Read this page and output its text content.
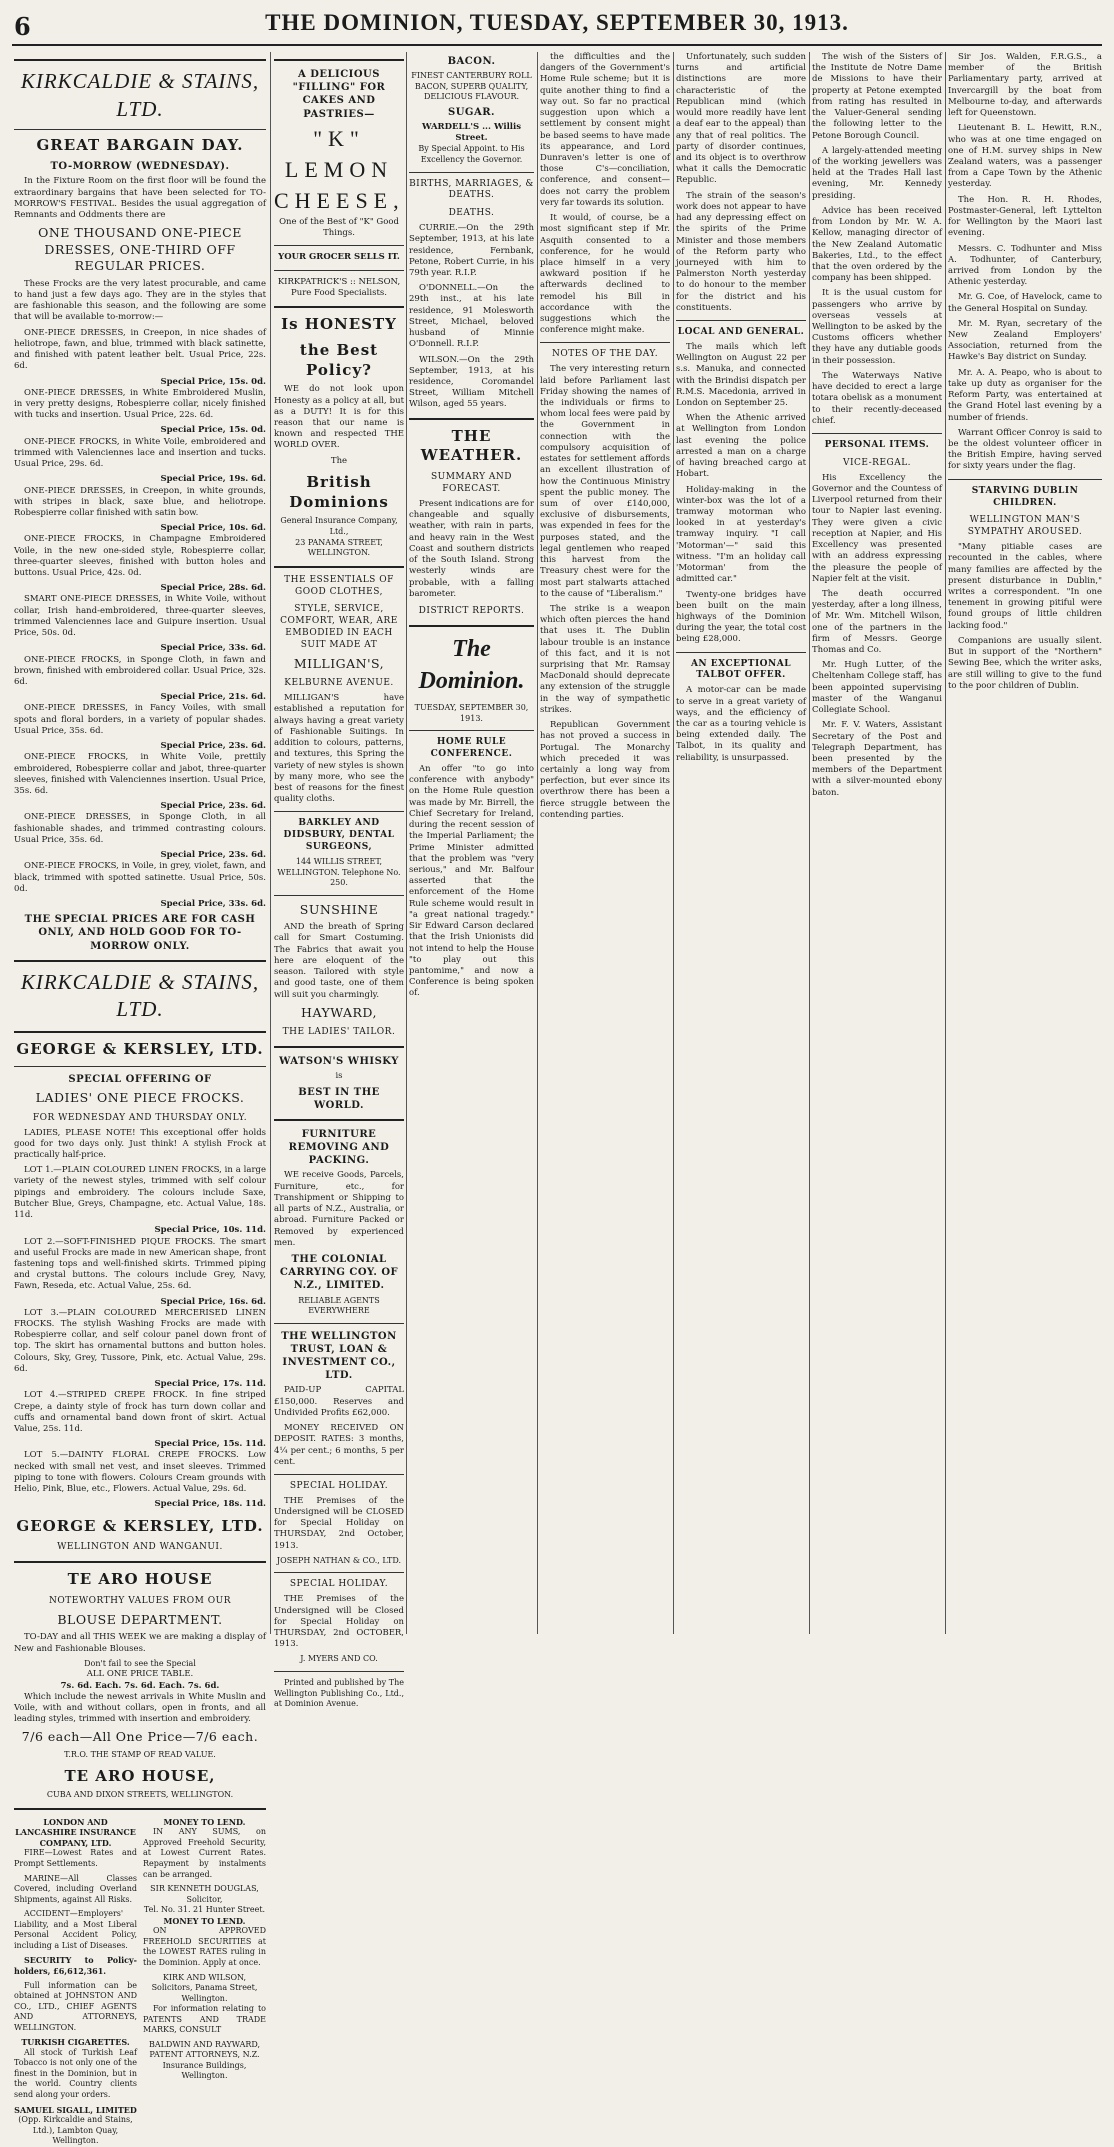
6	THE DOMINION, TUESDAY, SEPTEMBER 30, 1913.
KIRKCALDIE & STAINS, LTD.
GREAT BARGAIN DAY.
TO-MORROW (WEDNESDAY).

In the Fixture Room on the first floor will be found the extraordinary bargains that have been selected for TO-MORROW'S FESTIVAL. Besides the usual aggregation of Remnants and Oddments there are

ONE THOUSAND ONE-PIECE DRESSES, ONE-THIRD OFF REGULAR PRICES.

These Frocks are the very latest procurable, and came to hand just a few days ago. They are in the styles that are fashionable this season, and the following are some that will be available to-morrow:—

ONE-PIECE DRESSES, in Creepon, in nice shades of heliotrope, fawn, and blue, trimmed with black satinette, and finished with patent leather belt. Usual Price, 22s. 6d.

Special Price, 15s. 0d.

ONE-PIECE DRESSES, in White Embroidered Muslin, in very pretty designs, Robespierre collar, nicely finished with tucks and insertion. Usual Price, 22s. 6d.

Special Price, 15s. 0d.

ONE-PIECE FROCKS, in White Voile, embroidered and trimmed with Valenciennes lace and insertion and tucks. Usual Price, 29s. 6d.

Special Price, 19s. 6d.

ONE-PIECE DRESSES, in Creepon, in white grounds, with stripes in black, saxe blue, and heliotrope. Robespierre collar finished with satin bow.

Special Price, 10s. 6d.

ONE-PIECE FROCKS, in Champagne Embroidered Voile, in the new one-sided style, Robespierre collar, three-quarter sleeves, finished with button holes and buttons. Usual Price, 42s. 0d.

Special Price, 28s. 6d.

SMART ONE-PIECE DRESSES, in White Voile, without collar, Irish hand-embroidered, three-quarter sleeves, trimmed Valenciennes lace and Guipure insertion. Usual Price, 50s. 0d.

Special Price, 33s. 6d.

ONE-PIECE FROCKS, in Sponge Cloth, in fawn and brown, finished with embroidered collar. Usual Price, 32s. 6d.

Special Price, 21s. 6d.

ONE-PIECE DRESSES, in Fancy Voiles, with small spots and floral borders, in a variety of popular shades. Usual Price, 35s. 6d.

Special Price, 23s. 6d.

ONE-PIECE FROCKS, in White Voile, prettily embroidered, Robespierre collar and jabot, three-quarter sleeves, finished with Valenciennes insertion. Usual Price, 35s. 6d.

Special Price, 23s. 6d.

ONE-PIECE DRESSES, in Sponge Cloth, in all fashionable shades, and trimmed contrasting colours. Usual Price, 35s. 6d.

Special Price, 23s. 6d.

ONE-PIECE FROCKS, in Voile, in grey, violet, fawn, and black, trimmed with spotted satinette. Usual Price, 50s. 0d.

Special Price, 33s. 6d.
THE SPECIAL PRICES ARE FOR CASH ONLY, AND HOLD GOOD FOR TO-MORROW ONLY.
KIRKCALDIE & STAINS, LTD.
GEORGE & KERSLEY, LTD.
SPECIAL OFFERING OF
LADIES' ONE PIECE FROCKS.
FOR WEDNESDAY AND THURSDAY ONLY.

LADIES, PLEASE NOTE! This exceptional offer holds good for two days only. Just think! A stylish Frock at practically half-price.

LOT 1.—PLAIN COLOURED LINEN FROCKS, in a large variety of the newest styles, trimmed with self colour pipings and embroidery. The colours include Saxe, Butcher Blue, Greys, Champagne, etc. Actual Value, 18s. 11d.

Special Price, 10s. 11d.

LOT 2.—SOFT-FINISHED PIQUE FROCKS. The smart and useful Frocks are made in new American shape, front fastening tops and well-finished skirts. Trimmed piping and crystal buttons. The colours include Grey, Navy, Fawn, Reseda, etc. Actual Value, 25s. 6d.

Special Price, 16s. 6d.

LOT 3.—PLAIN COLOURED MERCERISED LINEN FROCKS. The stylish Washing Frocks are made with Robespierre collar, and self colour panel down front of top. The skirt has ornamental buttons and button holes. Colours, Sky, Grey, Tussore, Pink, etc. Actual Value, 29s. 6d.

Special Price, 17s. 11d.

LOT 4.—STRIPED CREPE FROCK. In fine striped Crepe, a dainty style of frock has turn down collar and cuffs and ornamental band down front of skirt. Actual Value, 25s. 11d.

Special Price, 15s. 11d.

LOT 5.—DAINTY FLORAL CREPE FROCKS. Low necked with small net vest, and inset sleeves. Trimmed piping to tone with flowers. Colours Cream grounds with Helio, Pink, Blue, etc., Flowers. Actual Value, 29s. 6d.

Special Price, 18s. 11d.
GEORGE & KERSLEY, LTD.
WELLINGTON AND WANGANUI.
TE ARO HOUSE
NOTEWORTHY VALUES FROM OUR
BLOUSE DEPARTMENT.

TO-DAY and all THIS WEEK we are making a display of New and Fashionable Blouses.

Don't fail to see the Special
ALL ONE PRICE TABLE.
7s. 6d. Each. 7s. 6d. Each. 7s. 6d.

Which include the newest arrivals in White Muslin and Voile, with and without collars, open in fronts, and all leading styles, trimmed with insertion and embroidery.

7/6 each—All One Price—7/6 each.
T.R.O. THE STAMP OF READ VALUE.
TE ARO HOUSE,
CUBA AND DIXON STREETS, WELLINGTON.
LONDON AND LANCASHIRE INSURANCE COMPANY, LTD.

FIRE—Lowest Rates and Prompt Settlements.

MARINE—All Classes Covered, including Overland Shipments, against All Risks.

ACCIDENT—Employers' Liability, and a Most Liberal Personal Accident Policy, including a List of Diseases.

SECURITY to Policy-holders, £6,612,361.

Full information can be obtained at JOHNSTON AND CO., LTD., CHIEF AGENTS AND ATTORNEYS, WELLINGTON.

TURKISH CIGARETTES.

All stock of Turkish Leaf Tobacco is not only one of the finest in the Dominion, but in the world. Country clients send along your orders.

SAMUEL SIGALL, LIMITED
(Opp. Kirkcaldie and Stains, Ltd.), Lambton Quay, Wellington.
MONEY TO LEND.

IN ANY SUMS, on Approved Freehold Security, at Lowest Current Rates. Repayment by instalments can be arranged.

SIR KENNETH DOUGLAS, Solicitor,
Tel. No. 31. 21 Hunter Street.
MONEY TO LEND.

ON APPROVED FREEHOLD SECURITIES at the LOWEST RATES ruling in the Dominion. Apply at once.

KIRK AND WILSON, Solicitors, Panama Street, Wellington.

For information relating to PATENTS AND TRADE MARKS, CONSULT

BALDWIN AND RAYWARD, PATENT ATTORNEYS, N.Z. Insurance Buildings, Wellington.
A DELICIOUS "FILLING" FOR CAKES AND PASTRIES—
"K"
LEMON
CHEESE,
One of the Best of "K" Good Things.
YOUR GROCER SELLS IT.
KIRKPATRICK'S :: NELSON, Pure Food Specialists.
Is HONESTY
the Best Policy?

WE do not look upon Honesty as a policy at all, but as a DUTY! It is for this reason that our name is known and respected THE WORLD OVER.

The
British Dominions
General Insurance Company, Ltd.,
23 PANAMA STREET, WELLINGTON.
THE ESSENTIALS OF GOOD CLOTHES,
STYLE, SERVICE, COMFORT, WEAR, ARE EMBODIED IN EACH SUIT MADE AT
MILLIGAN'S,
KELBURNE AVENUE.

MILLIGAN'S have established a reputation for always having a great variety of Fashionable Suitings. In addition to colours, patterns, and textures, this Spring the variety of new styles is shown by many more, who see the best of reasons for the finest quality cloths.

BARKLEY AND DIDSBURY, DENTAL SURGEONS,
144 WILLIS STREET, WELLINGTON. Telephone No. 250.
SUNSHINE

AND the breath of Spring call for Smart Costuming. The Fabrics that await you here are eloquent of the season. Tailored with style and good taste, one of them will suit you charmingly.

HAYWARD,
THE LADIES' TAILOR.
WATSON'S WHISKY
is
BEST IN THE WORLD.
FURNITURE REMOVING AND PACKING.

WE receive Goods, Parcels, Furniture, etc., for Transhipment or Shipping to all parts of N.Z., Australia, or abroad. Furniture Packed or Removed by experienced men.

THE COLONIAL CARRYING COY. OF N.Z., LIMITED.
RELIABLE AGENTS EVERYWHERE
THE WELLINGTON TRUST, LOAN & INVESTMENT CO., LTD.

PAID-UP CAPITAL £150,000. Reserves and Undivided Profits £62,000.

MONEY RECEIVED ON DEPOSIT. RATES: 3 months, 4¼ per cent.; 6 months, 5 per cent.

SPECIAL HOLIDAY.

THE Premises of the Undersigned will be CLOSED for Special Holiday on THURSDAY, 2nd October, 1913.

JOSEPH NATHAN & CO., LTD.
SPECIAL HOLIDAY.

THE Premises of the Undersigned will be Closed for Special Holiday on THURSDAY, 2nd OCTOBER, 1913.

J. MYERS AND CO.

Printed and published by The Wellington Publishing Co., Ltd., at Dominion Avenue.

BACON.
FINEST CANTERBURY ROLL BACON, SUPERB QUALITY, DELICIOUS FLAVOUR.
SUGAR.
WARDELL'S ... Willis Street.
By Special Appoint. to His Excellency the Governor.
BIRTHS, MARRIAGES, & DEATHS.
DEATHS.

CURRIE.—On the 29th September, 1913, at his late residence, Fernbank, Petone, Robert Currie, in his 79th year. R.I.P.

O'DONNELL.—On the 29th inst., at his late residence, 91 Molesworth Street, Michael, beloved husband of Minnie O'Donnell. R.I.P.

WILSON.—On the 29th September, 1913, at his residence, Coromandel Street, William Mitchell Wilson, aged 55 years.

THE WEATHER.
SUMMARY AND FORECAST.

Present indications are for changeable and squally weather, with rain in parts, and heavy rain in the West Coast and southern districts of the South Island. Strong westerly winds are probable, with a falling barometer.

DISTRICT REPORTS.
The Dominion.
TUESDAY, SEPTEMBER 30, 1913.
HOME RULE CONFERENCE.

An offer "to go into conference with anybody" on the Home Rule question was made by Mr. Birrell, the Chief Secretary for Ireland, during the recent session of the Imperial Parliament; the Prime Minister admitted that the problem was "very serious," and Mr. Balfour asserted that the enforcement of the Home Rule scheme would result in "a great national tragedy." Sir Edward Carson declared that the Irish Unionists did not intend to help the House "to play out this pantomime," and now a Conference is being spoken of.

the difficulties and the dangers of the Government's Home Rule scheme; but it is quite another thing to find a way out. So far no practical suggestion upon which a settlement by consent might be based seems to have made its appearance, and Lord Dunraven's letter is one of those C's—conciliation, conference, and consent—does not carry the problem very far towards its solution.

It would, of course, be a most significant step if Mr. Asquith consented to a conference, for he would place himself in a very awkward position if he afterwards declined to remodel his Bill in accordance with the suggestions which the conference might make.

NOTES OF THE DAY.

The very interesting return laid before Parliament last Friday showing the names of the individuals or firms to whom local fees were paid by the Government in connection with the compulsory acquisition of estates for settlement affords an excellent illustration of how the Continuous Ministry spent the public money. The sum of over £140,000, exclusive of disbursements, was expended in fees for the purposes stated, and the legal gentlemen who reaped this harvest from the Treasury chest were for the most part stalwarts attached to the cause of "Liberalism."

The strike is a weapon which often pierces the hand that uses it. The Dublin labour trouble is an instance of this fact, and it is not surprising that Mr. Ramsay MacDonald should deprecate any extension of the struggle in the way of sympathetic strikes.

Republican Government has not proved a success in Portugal. The Monarchy which preceded it was certainly a long way from perfection, but ever since its overthrow there has been a fierce struggle between the contending parties.

Unfortunately, such sudden turns and artificial distinctions are more characteristic of the Republican mind (which would more readily have lent a deaf ear to the appeal) than any that of real politics. The party of disorder continues, and its object is to overthrow what it calls the Democratic Republic.

The strain of the season's work does not appear to have had any depressing effect on the spirits of the Prime Minister and those members of the Reform party who journeyed with him to Palmerston North yesterday to do honour to the member for the district and his constituents.

LOCAL AND GENERAL.

The mails which left Wellington on August 22 per s.s. Manuka, and connected with the Brindisi dispatch per R.M.S. Macedonia, arrived in London on September 25.

When the Athenic arrived at Wellington from London last evening the police arrested a man on a charge of having breached cargo at Hobart.

Holiday-making in the winter-box was the lot of a tramway motorman who looked in at yesterday's tramway inquiry. "I call 'Motorman'—" said this witness. "I'm an holiday call 'Motorman' from the admitted car."

Twenty-one bridges have been built on the main highways of the Dominion during the year, the total cost being £28,000.

AN EXCEPTIONAL TALBOT OFFER.

A motor-car can be made to serve in a great variety of ways, and the efficiency of the car as a touring vehicle is being extended daily. The Talbot, in its quality and reliability, is unsurpassed.

The wish of the Sisters of the Institute de Notre Dame de Missions to have their property at Petone exempted from rating has resulted in the Valuer-General sending the following letter to the Petone Borough Council.

A largely-attended meeting of the working jewellers was held at the Trades Hall last evening, Mr. Kennedy presiding.

Advice has been received from London by Mr. W. A. Kellow, managing director of the New Zealand Automatic Bakeries, Ltd., to the effect that the oven ordered by the company has been shipped.

It is the usual custom for passengers who arrive by overseas vessels at Wellington to be asked by the Customs officers whether they have any dutiable goods in their possession.

The Waterways Native have decided to erect a large totara obelisk as a monument to their recently-deceased chief.

PERSONAL ITEMS.
VICE-REGAL.

His Excellency the Governor and the Countess of Liverpool returned from their tour to Napier last evening. They were given a civic reception at Napier, and His Excellency was presented with an address expressing the pleasure the people of Napier felt at the visit.

The death occurred yesterday, after a long illness, of Mr. Wm. Mitchell Wilson, one of the partners in the firm of Messrs. George Thomas and Co.

Mr. Hugh Lutter, of the Cheltenham College staff, has been appointed supervising master of the Wanganui Collegiate School.

Mr. F. V. Waters, Assistant Secretary of the Post and Telegraph Department, has been presented by the members of the Department with a silver-mounted ebony baton.

Sir Jos. Walden, F.R.G.S., a member of the British Parliamentary party, arrived at Invercargill by the boat from Melbourne to-day, and afterwards left for Queenstown.

Lieutenant B. L. Hewitt, R.N., who was at one time engaged on one of H.M. survey ships in New Zealand waters, was a passenger from a Cape Town by the Athenic yesterday.

The Hon. R. H. Rhodes, Postmaster-General, left Lyttelton for Wellington by the Maori last evening.

Messrs. C. Todhunter and Miss A. Todhunter, of Canterbury, arrived from London by the Athenic yesterday.

Mr. G. Coe, of Havelock, came to the General Hospital on Sunday.

Mr. M. Ryan, secretary of the New Zealand Employers' Association, returned from the Hawke's Bay district on Sunday.

Mr. A. A. Peapo, who is about to take up duty as organiser for the Reform Party, was entertained at the Grand Hotel last evening by a number of friends.

Warrant Officer Conroy is said to be the oldest volunteer officer in the British Empire, having served for sixty years under the flag.

STARVING DUBLIN CHILDREN.
WELLINGTON MAN'S SYMPATHY AROUSED.

"Many pitiable cases are recounted in the cables, where many families are affected by the present disturbance in Dublin," writes a correspondent. "In one tenement in growing pitiful were found groups of little children lacking food."

Companions are usually silent. But in support of the "Northern" Sewing Bee, which the writer asks, are still willing to give to the fund to the poor children of Dublin.
